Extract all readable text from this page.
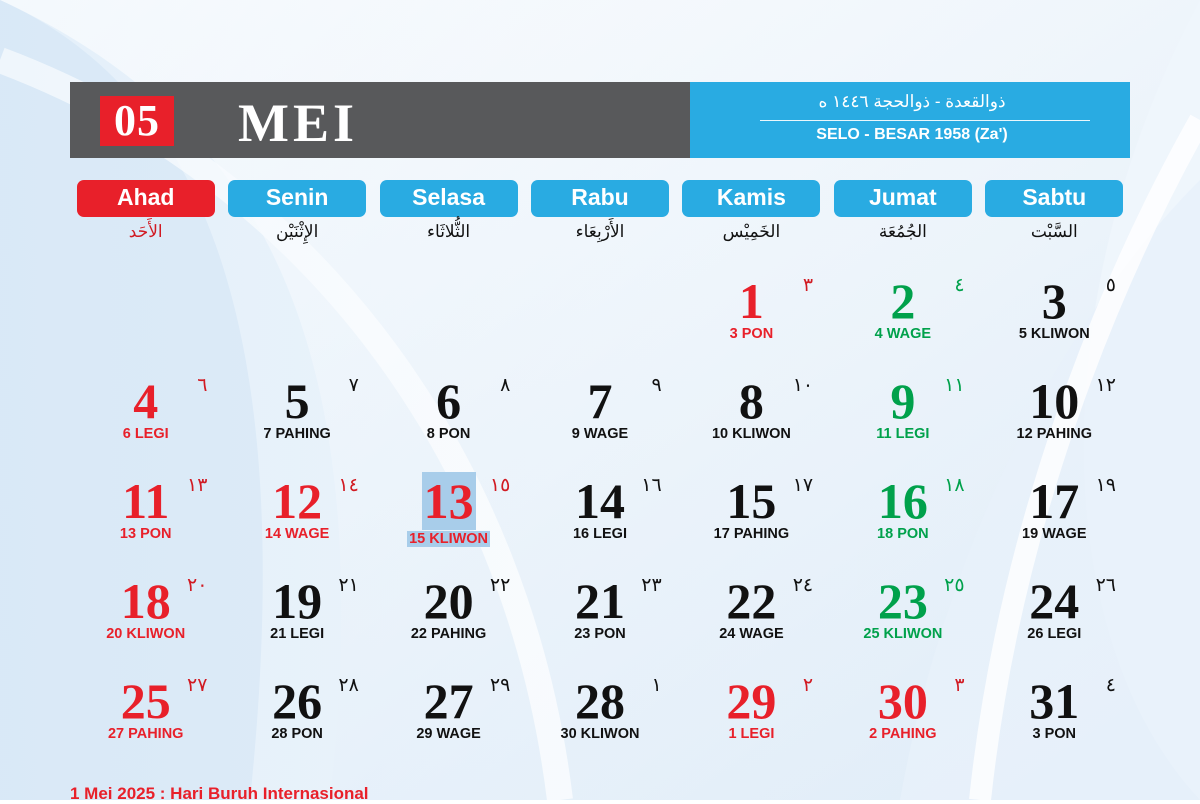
05 MEI	ذوالقعدة - ذوالحجة ١٤٤٦ ه
SELO - BESAR 1958 (Za')
Ahad
الأَحَد
Senin
الإِثْنَيْن
Selasa
الثُّلاثَاء
Rabu
الأَرْبِعَاء
Kamis
الخَمِيْس
Jumat
الجُمُعَة
Sabtu
السَّبْت
1 ٣
3 PON
2 ٤
4 WAGE
3 ٥
5 KLIWON
4 ٦
6 LEGI
5 ٧
7 PAHING
6 ٨
8 PON
7 ٩
9 WAGE
8 ١٠
10 KLIWON
9 ١١
11 LEGI
10 ١٢
12 PAHING
11 ١٣
13 PON
12 ١٤
14 WAGE
13 ١٥
15 KLIWON
14 ١٦
16 LEGI
15 ١٧
17 PAHING
16 ١٨
18 PON
17 ١٩
19 WAGE
18 ٢٠
20 KLIWON
19 ٢١
21 LEGI
20 ٢٢
22 PAHING
21 ٢٣
23 PON
22 ٢٤
24 WAGE
23 ٢٥
25 KLIWON
24 ٢٦
26 LEGI
25 ٢٧
27 PAHING
26 ٢٨
28 PON
27 ٢٩
29 WAGE
28 ١
30 KLIWON
29 ٢
1 LEGI
30 ٣
2 PAHING
31 ٤
3 PON
1 Mei 2025 : Hari Buruh Internasional
